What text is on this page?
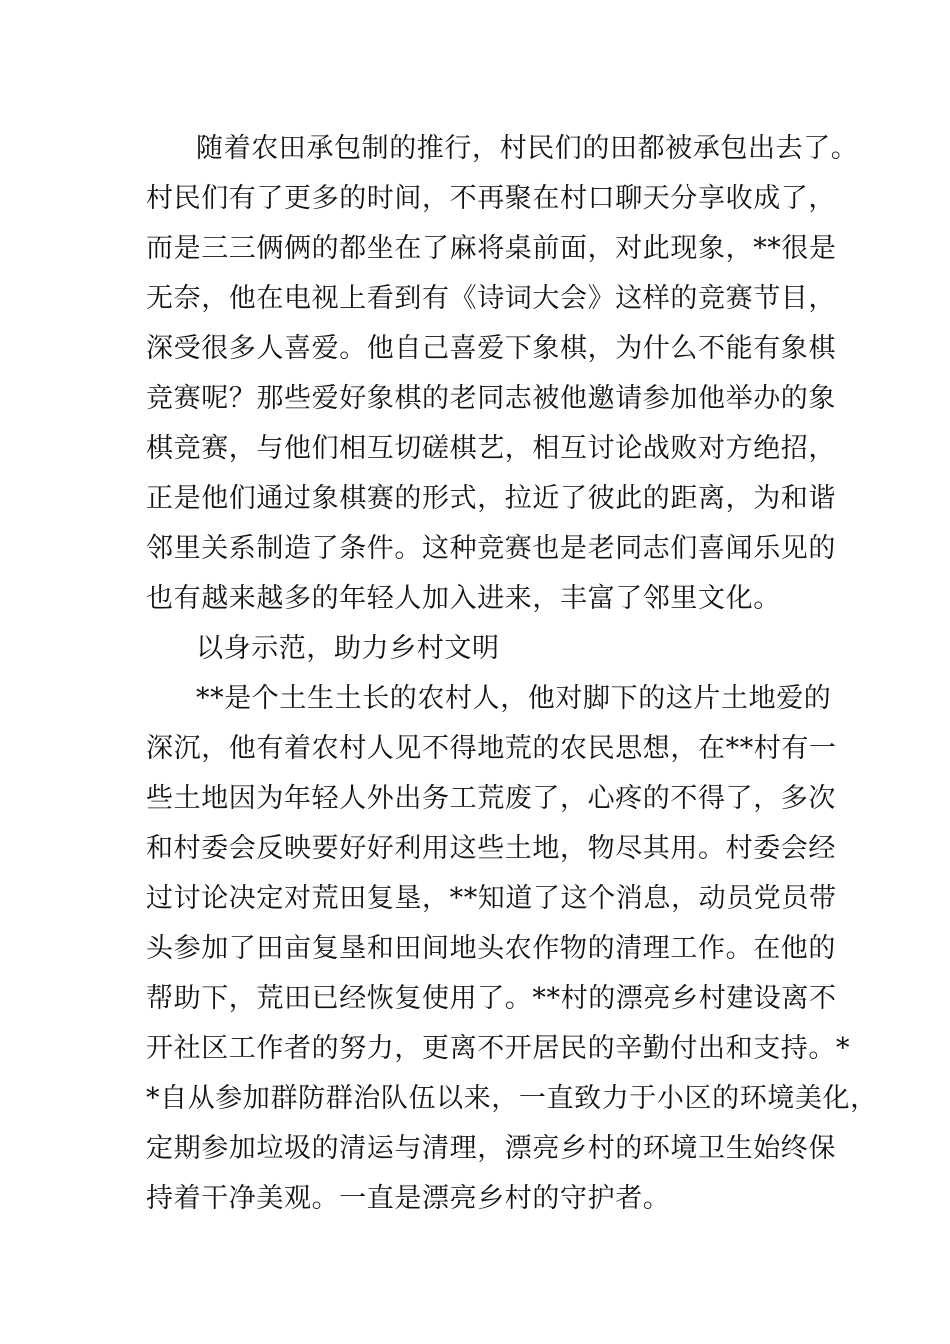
随着农田承包制的推行，村民们的田都被承包出去了。
村民们有了更多的时间，不再聚在村口聊天分享收成了，
而是三三俩俩的都坐在了麻将桌前面，对此现象，**很是
无奈，他在电视上看到有《诗词大会》这样的竞赛节目，
深受很多人喜爱。他自己喜爱下象棋，为什么不能有象棋
竞赛呢？那些爱好象棋的老同志被他邀请参加他举办的象
棋竞赛，与他们相互切磋棋艺，相互讨论战败对方绝招，
正是他们通过象棋赛的形式，拉近了彼此的距离，为和谐
邻里关系制造了条件。这种竞赛也是老同志们喜闻乐见的
也有越来越多的年轻人加入进来，丰富了邻里文化。
以身示范，助力乡村文明
**是个土生土长的农村人，他对脚下的这片土地爱的
深沉，他有着农村人见不得地荒的农民思想，在**村有一
些土地因为年轻人外出务工荒废了，心疼的不得了，多次
和村委会反映要好好利用这些土地，物尽其用。村委会经
过讨论决定对荒田复垦，**知道了这个消息，动员党员带
头参加了田亩复垦和田间地头农作物的清理工作。在他的
帮助下，荒田已经恢复使用了。**村的漂亮乡村建设离不
开社区工作者的努力，更离不开居民的辛勤付出和支持。*
*自从参加群防群治队伍以来，一直致力于小区的环境美化，
定期参加垃圾的清运与清理，漂亮乡村的环境卫生始终保
持着干净美观。一直是漂亮乡村的守护者。
